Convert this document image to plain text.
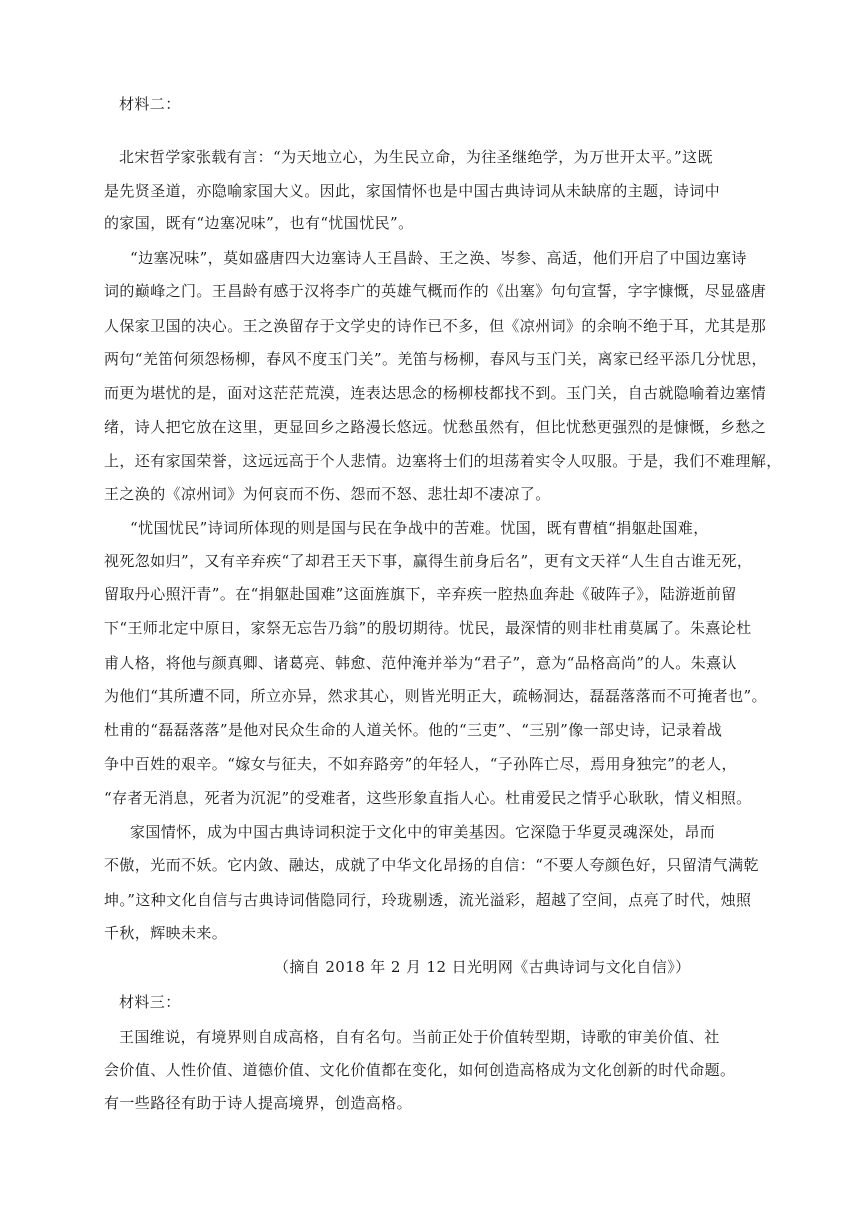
材料二：
北宋哲学家张载有言：“为天地立心，为生民立命，为往圣继绝学，为万世开太平。”这既
是先贤圣道，亦隐喻家国大义。因此，家国情怀也是中国古典诗词从未缺席的主题，诗词中
的家国，既有“边塞况味”，也有“忧国忧民”。
“边塞况味”，莫如盛唐四大边塞诗人王昌龄、王之涣、岑参、高适，他们开启了中国边塞诗
词的巅峰之门。王昌龄有感于汉将李广的英雄气概而作的《出塞》句句宣誓，字字慷慨，尽显盛唐
人保家卫国的决心。王之涣留存于文学史的诗作已不多，但《凉州词》的余响不绝于耳，尤其是那
两句“羌笛何须怨杨柳，春风不度玉门关”。羌笛与杨柳，春风与玉门关，离家已经平添几分忧思，
而更为堪忧的是，面对这茫茫荒漠，连表达思念的杨柳枝都找不到。玉门关，自古就隐喻着边塞情
绪，诗人把它放在这里，更显回乡之路漫长悠远。忧愁虽然有，但比忧愁更强烈的是慷慨，乡愁之
上，还有家国荣誉，这远远高于个人悲情。边塞将士们的坦荡着实令人叹服。于是，我们不难理解，
王之涣的《凉州词》为何哀而不伤、怨而不怒、悲壮却不凄凉了。
“忧国忧民”诗词所体现的则是国与民在争战中的苦难。忧国，既有曹植“捐躯赴国难，
视死忽如归”，又有辛弃疾“了却君王天下事，赢得生前身后名”，更有文天祥“人生自古谁无死，
留取丹心照汗青”。在“捐躯赴国难”这面旌旗下，辛弃疾一腔热血奔赴《破阵子》，陆游逝前留
下“王师北定中原日，家祭无忘告乃翁”的殷切期待。忧民，最深情的则非杜甫莫属了。朱熹论杜
甫人格，将他与颜真卿、诸葛亮、韩愈、范仲淹并举为“君子”，意为“品格高尚”的人。朱熹认
为他们“其所遭不同，所立亦异，然求其心，则皆光明正大，疏畅洞达，磊磊落落而不可掩者也”。
杜甫的“磊磊落落”是他对民众生命的人道关怀。他的“三吏”、“三别”像一部史诗，记录着战
争中百姓的艰辛。“嫁女与征夫，不如弃路旁”的年轻人，“子孙阵亡尽，焉用身独完”的老人，
“存者无消息，死者为沉泥”的受难者，这些形象直指人心。杜甫爱民之情乎心耿耿，情义相照。
家国情怀，成为中国古典诗词积淀于文化中的审美基因。它深隐于华夏灵魂深处，昂而
不傲，光而不妖。它内敛、融达，成就了中华文化昂扬的自信：“不要人夸颜色好，只留清气满乾
坤。”这种文化自信与古典诗词偕隐同行，玲珑剔透，流光溢彩，超越了空间，点亮了时代，烛照
千秋，辉映未来。
（摘自 2018 年 2 月 12 日光明网《古典诗词与文化自信》）
材料三：
王国维说，有境界则自成高格，自有名句。当前正处于价值转型期，诗歌的审美价值、社
会价值、人性价值、道德价值、文化价值都在变化，如何创造高格成为文化创新的时代命题。
有一些路径有助于诗人提高境界，创造高格。
